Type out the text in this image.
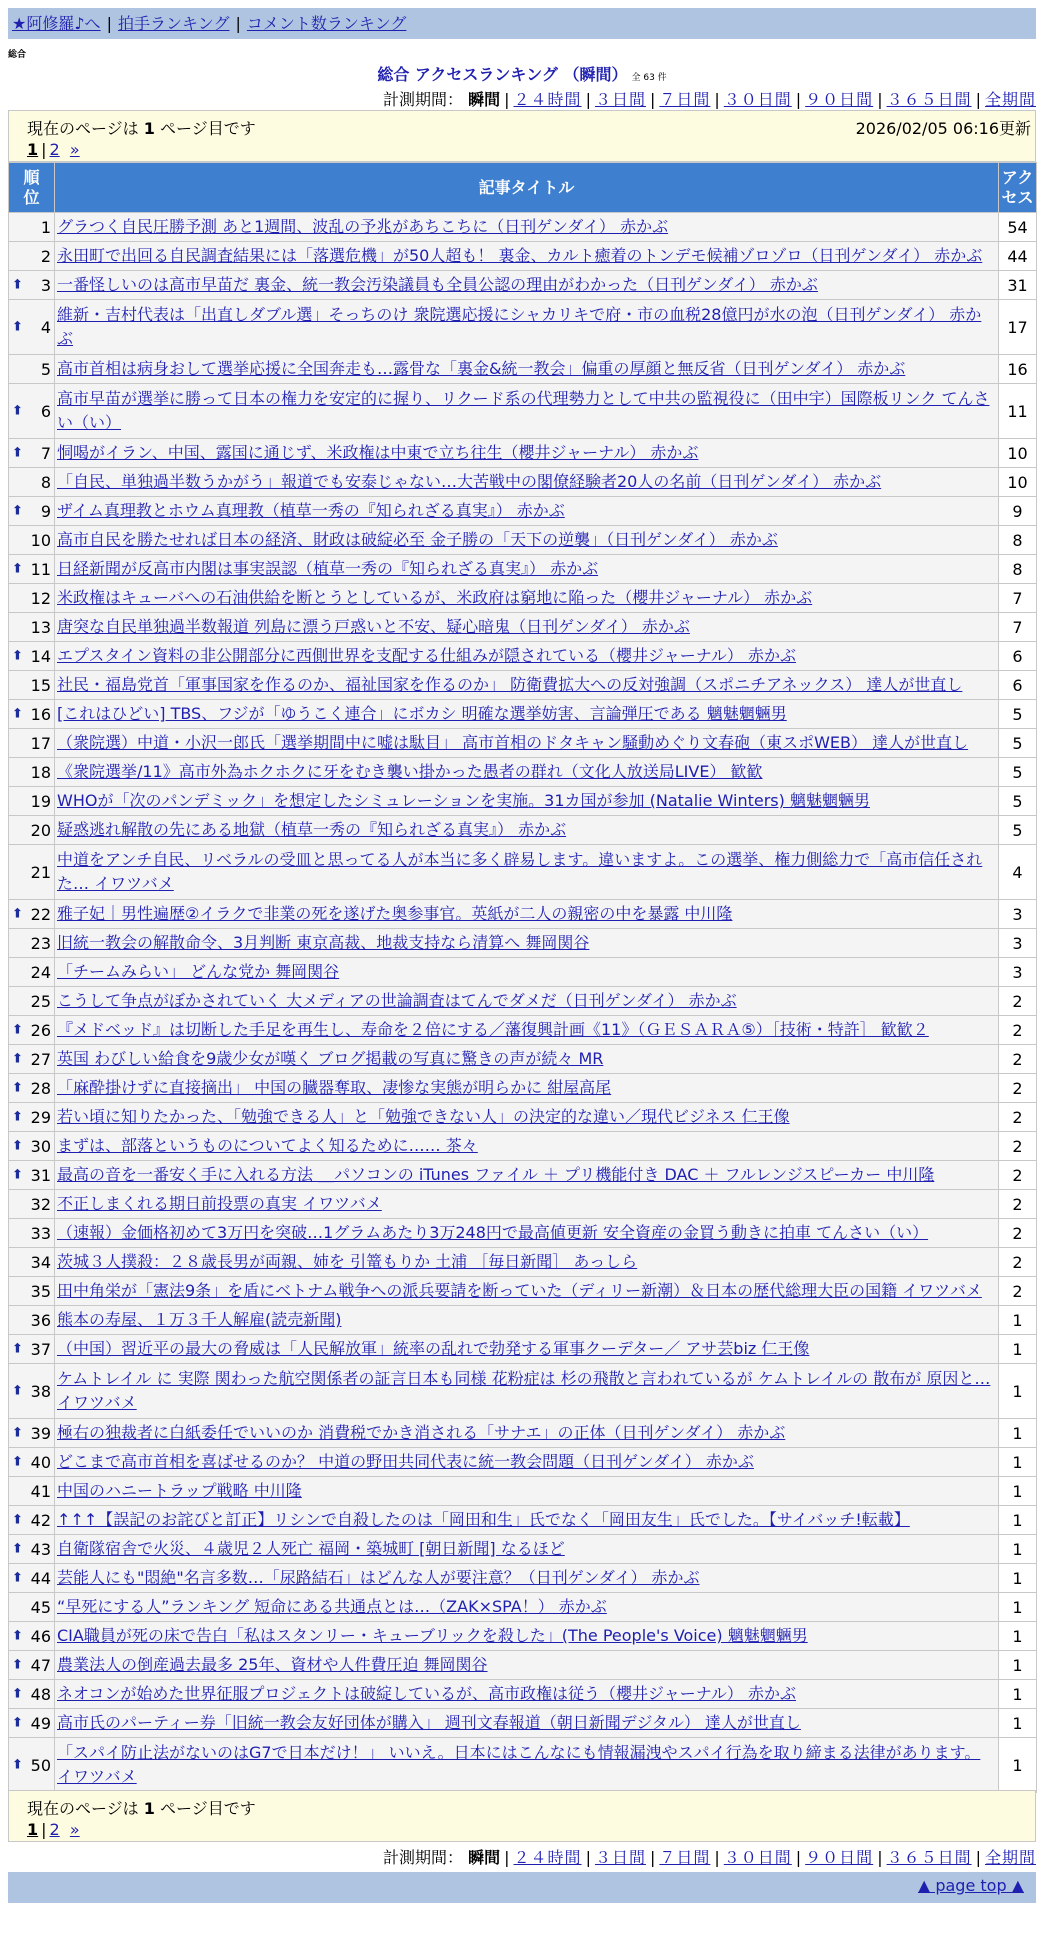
★阿修羅♪へ | 拍手ランキング | コメント数ランキング
総合
総合 アクセスランキング （瞬間） 全 63 件
計測期間： 瞬間 | ２４時間 | ３日間 | ７日間 | ３０日間 | ９０日間 | ３６５日間 | 全期間
現在のページは 1 ページ目です	2026/02/05 06:16更新
1 | 2 »
順位	記事タイトル	アクセス
1	グラつく自民圧勝予測 あと1週間、波乱の予兆があちこちに（日刊ゲンダイ） 赤かぶ	54
2	永田町で出回る自民調査結果には「落選危機」が50人超も！ 裏金、カルト癒着のトンデモ候補ゾロゾロ（日刊ゲンダイ） 赤かぶ	44

⬆ 3	一番怪しいのは高市早苗だ 裏金、統一教会汚染議員も全員公認の理由がわかった（日刊ゲンダイ） 赤かぶ	31

⬆ 4	維新・吉村代表は「出直しダブル選」そっちのけ 衆院選応援にシャカリキで府・市の血税28億円が水の泡（日刊ゲンダイ） 赤かぶ	17
5	高市首相は病身おして選挙応援に全国奔走も…露骨な「裏金&統一教会」偏重の厚顔と無反省（日刊ゲンダイ） 赤かぶ	16

⬆ 6	高市早苗が選挙に勝って日本の権力を安定的に握り、リクード系の代理勢力として中共の監視役に（田中宇）国際板リンク てんさい（い）	11

⬆ 7	恫喝がイラン、中国、露国に通じず、米政権は中東で立ち往生（櫻井ジャーナル） 赤かぶ	10
8	「自民、単独過半数うかがう」報道でも安泰じゃない…大苦戦中の閣僚経験者20人の名前（日刊ゲンダイ） 赤かぶ	10

⬆ 9	ザイム真理教とホウム真理教（植草一秀の『知られざる真実』） 赤かぶ	9
10	高市自民を勝たせれば日本の経済、財政は破綻必至 金子勝の「天下の逆襲」（日刊ゲンダイ） 赤かぶ	8

⬆ 11	日経新聞が反高市内閣は事実誤認（植草一秀の『知られざる真実』） 赤かぶ	8
12	米政権はキューバへの石油供給を断とうとしているが、米政府は窮地に陥った（櫻井ジャーナル） 赤かぶ	7
13	唐突な自民単独過半数報道 列島に漂う戸惑いと不安、疑心暗鬼（日刊ゲンダイ） 赤かぶ	7

⬆ 14	エプスタイン資料の非公開部分に西側世界を支配する仕組みが隠されている（櫻井ジャーナル） 赤かぶ	6
15	社民・福島党首「軍事国家を作るのか、福祉国家を作るのか」 防衛費拡大への反対強調（スポニチアネックス） 達人が世直し	6

⬆ 16	[これはひどい] TBS、フジが「ゆうこく連合」にボカシ 明確な選挙妨害、言論弾圧である 魑魅魍魎男	5
17	（衆院選）中道・小沢一郎氏「選挙期間中に嘘は駄目」 高市首相のドタキャン騒動めぐり文春砲（東スポWEB） 達人が世直し	5
18	《衆院選挙/11》高市外為ホクホクに牙をむき襲い掛かった愚者の群れ（文化人放送局LIVE） 歓歓	5
19	WHOが「次のパンデミック」を想定したシミュレーションを実施。31カ国が参加 (Natalie Winters) 魑魅魍魎男	5
20	疑惑逃れ解散の先にある地獄（植草一秀の『知られざる真実』） 赤かぶ	5
21	中道をアンチ自民、リベラルの受皿と思ってる人が本当に多く辟易します。違いますよ。この選挙、権力側総力で「高市信任された… イワツバメ	4

⬆ 22	雅子妃｜男性遍歴②イラクで非業の死を遂げた奥参事官。英紙が二人の親密の中を暴露 中川隆	3
23	旧統一教会の解散命令、3月判断 東京高裁、地裁支持なら清算へ 舞岡関谷	3
24	「チームみらい」 どんな党か 舞岡関谷	3
25	こうして争点がぼかされていく 大メディアの世論調査はてんでダメだ（日刊ゲンダイ） 赤かぶ	2

⬆ 26	『メドベッド』は切断した手足を再生し、寿命を２倍にする／藩復興計画《11》（ＧＥＳＡＲＡ⑤）［技術・特許］ 歓歓２	2

⬆ 27	英国 わびしい給食を9歳少女が嘆く ブログ掲載の写真に驚きの声が続々 MR	2

⬆ 28	「麻酔掛けずに直接摘出」 中国の臓器奪取、凄惨な実態が明らかに 紺屋高尾	2

⬆ 29	若い頃に知りたかった、「勉強できる人」と「勉強できない人」の決定的な違い／現代ビジネス 仁王像	2

⬆ 30	まずは、部落というものについてよく知るために…… 茶々	2

⬆ 31	最高の音を一番安く手に入れる方法 ＿パソコンの iTunes ファイル ＋ プリ機能付き DAC ＋ フルレンジスピーカー 中川隆	2
32	不正しまくれる期日前投票の真実 イワツバメ	2
33	（速報）金価格初めて3万円を突破…1グラムあたり3万248円で最高値更新 安全資産の金買う動きに拍車 てんさい（い）	2
34	茨城３人撲殺：２８歳長男が両親、姉を 引篭もりか 土浦 ［毎日新聞］ あっしら	2
35	田中角栄が「憲法9条」を盾にベトナム戦争への派兵要請を断っていた（ディリー新潮）＆日本の歴代総理大臣の国籍 イワツバメ	2
36	熊本の寿屋、１万３千人解雇(読売新聞)	1

⬆ 37	（中国）習近平の最大の脅威は「人民解放軍」統率の乱れで勃発する軍事クーデター／ アサ芸biz 仁王像	1

⬆ 38	ケムトレイル に 実際 関わった航空関係者の証言日本も同様 花粉症は 杉の飛散と言われているが ケムトレイルの 散布が 原因と… イワツバメ	1

⬆ 39	極右の独裁者に白紙委任でいいのか 消費税でかき消される「サナエ」の正体（日刊ゲンダイ） 赤かぶ	1

⬆ 40	どこまで高市首相を喜ばせるのか？ 中道の野田共同代表に統一教会問題（日刊ゲンダイ） 赤かぶ	1
41	中国のハニートラップ戦略 中川隆	1

⬆ 42	↑↑↑【誤記のお詫びと訂正】リシンで自殺したのは「岡田和生」氏でなく「岡田友生」氏でした。【サイバッチ!転載】	1

⬆ 43	自衛隊宿舎で火災、４歳児２人死亡 福岡・築城町 [朝日新聞] なるほど	1

⬆ 44	芸能人にも"悶絶"名言多数…「尿路結石」はどんな人が要注意？（日刊ゲンダイ） 赤かぶ	1
45	“早死にする人”ランキング 短命にある共通点とは…（ZAK×SPA！） 赤かぶ	1

⬆ 46	CIA職員が死の床で告白「私はスタンリー・キューブリックを殺した」(The People's Voice) 魑魅魍魎男	1

⬆ 47	農業法人の倒産過去最多 25年、資材や人件費圧迫 舞岡関谷	1

⬆ 48	ネオコンが始めた世界征服プロジェクトは破綻しているが、高市政権は従う（櫻井ジャーナル） 赤かぶ	1

⬆ 49	高市氏のパーティー券「旧統一教会友好団体が購入」 週刊文春報道（朝日新聞デジタル） 達人が世直し	1

⬆ 50	「スパイ防止法がないのはG7で日本だけ！」 いいえ。日本にはこんなにも情報漏洩やスパイ行為を取り締まる法律があります。 イワツバメ	1
現在のページは 1 ページ目です
1 | 2 »
計測期間： 瞬間 | ２４時間 | ３日間 | ７日間 | ３０日間 | ９０日間 | ３６５日間 | 全期間
▲ page top ▲
